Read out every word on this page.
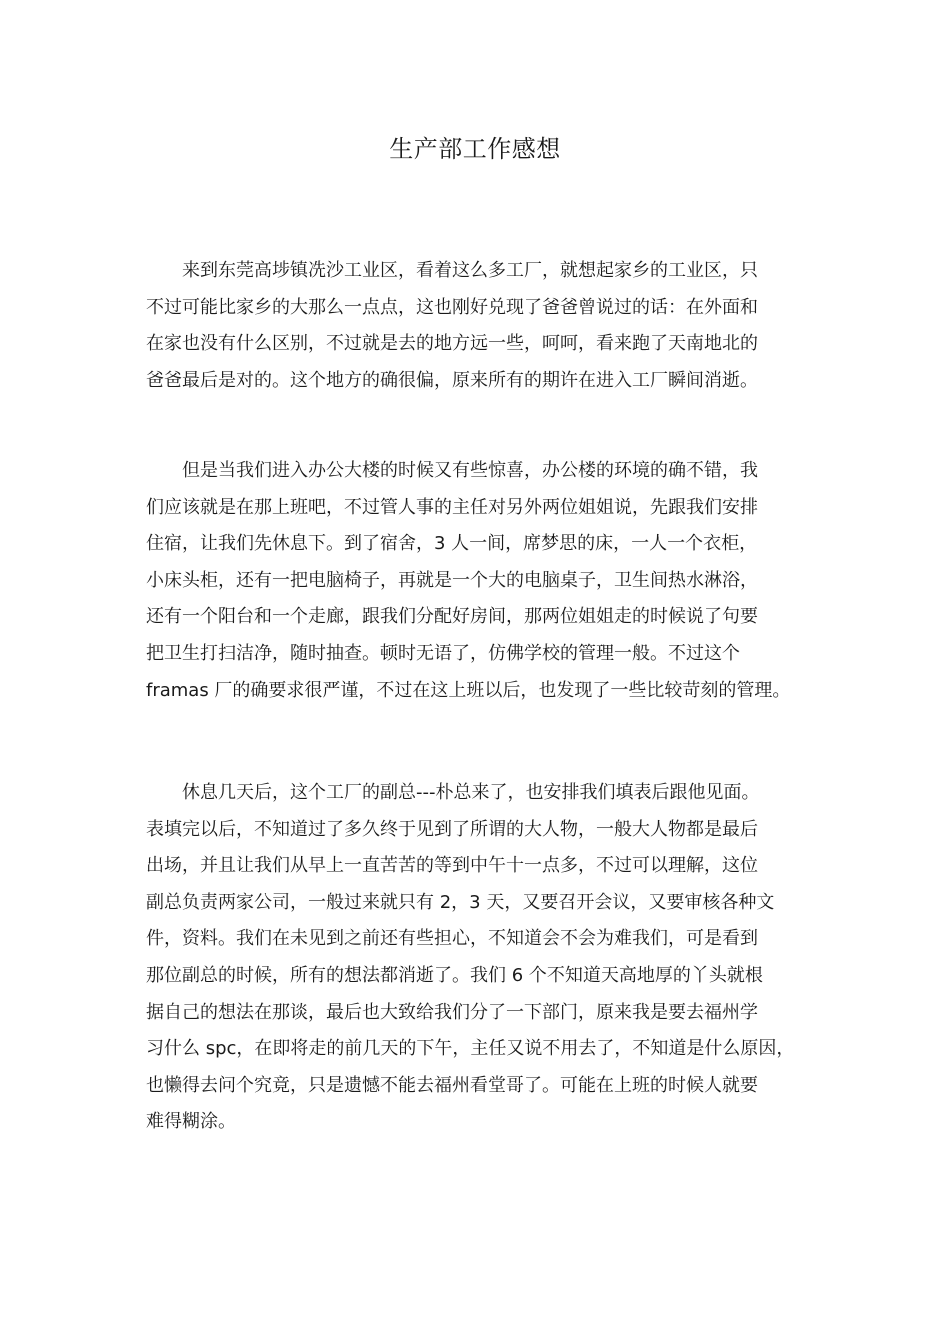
生产部工作感想
来到东莞高埗镇冼沙工业区，看着这么多工厂，就想起家乡的工业区，只
不过可能比家乡的大那么一点点，这也刚好兑现了爸爸曾说过的话：在外面和
在家也没有什么区别，不过就是去的地方远一些，呵呵，看来跑了天南地北的
爸爸最后是对的。这个地方的确很偏，原来所有的期许在进入工厂瞬间消逝。
但是当我们进入办公大楼的时候又有些惊喜，办公楼的环境的确不错，我
们应该就是在那上班吧，不过管人事的主任对另外两位姐姐说，先跟我们安排
住宿，让我们先休息下。到了宿舍，3 人一间，席梦思的床，一人一个衣柜，
小床头柜，还有一把电脑椅子，再就是一个大的电脑桌子，卫生间热水淋浴，
还有一个阳台和一个走廊，跟我们分配好房间，那两位姐姐走的时候说了句要
把卫生打扫洁净，随时抽查。顿时无语了，仿佛学校的管理一般。不过这个
framas 厂的确要求很严谨，不过在这上班以后，也发现了一些比较苛刻的管理。
休息几天后，这个工厂的副总---朴总来了，也安排我们填表后跟他见面。
表填完以后，不知道过了多久终于见到了所谓的大人物，一般大人物都是最后
出场，并且让我们从早上一直苦苦的等到中午十一点多，不过可以理解，这位
副总负责两家公司，一般过来就只有 2，3 天，又要召开会议，又要审核各种文
件，资料。我们在未见到之前还有些担心，不知道会不会为难我们，可是看到
那位副总的时候，所有的想法都消逝了。我们 6 个不知道天高地厚的丫头就根
据自己的想法在那谈，最后也大致给我们分了一下部门，原来我是要去福州学
习什么 spc，在即将走的前几天的下午，主任又说不用去了，不知道是什么原因，
也懒得去问个究竟，只是遗憾不能去福州看堂哥了。可能在上班的时候人就要
难得糊涂。
